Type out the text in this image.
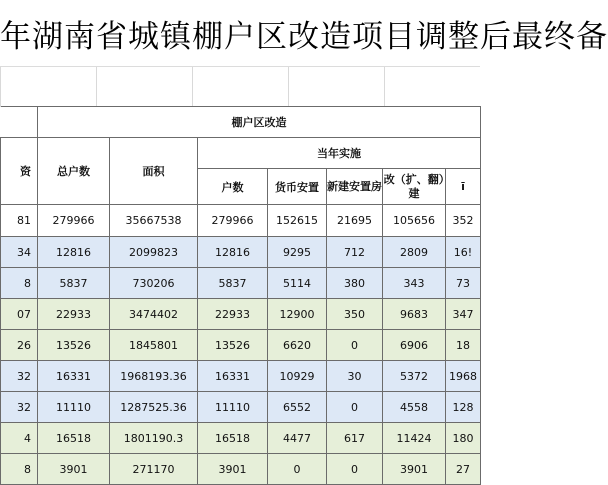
年湖南省城镇棚户区改造项目调整后最终备
	棚户区改造						
资	总户数	面积	当年实施				
			户数	货币安置	新建安置房	改（扩、翻）建	ī
81	279966	35667538	279966	152615	21695	105656	352
34	12816	2099823	12816	9295	712	2809	16!
8	5837	730206	5837	5114	380	343	73
07	22933	3474402	22933	12900	350	9683	347
26	13526	1845801	13526	6620	0	6906	18
32	16331	1968193.36	16331	10929	30	5372	1968
32	11110	1287525.36	11110	6552	0	4558	128
4	16518	1801190.3	16518	4477	617	11424	180
8	3901	271170	3901	0	0	3901	27
